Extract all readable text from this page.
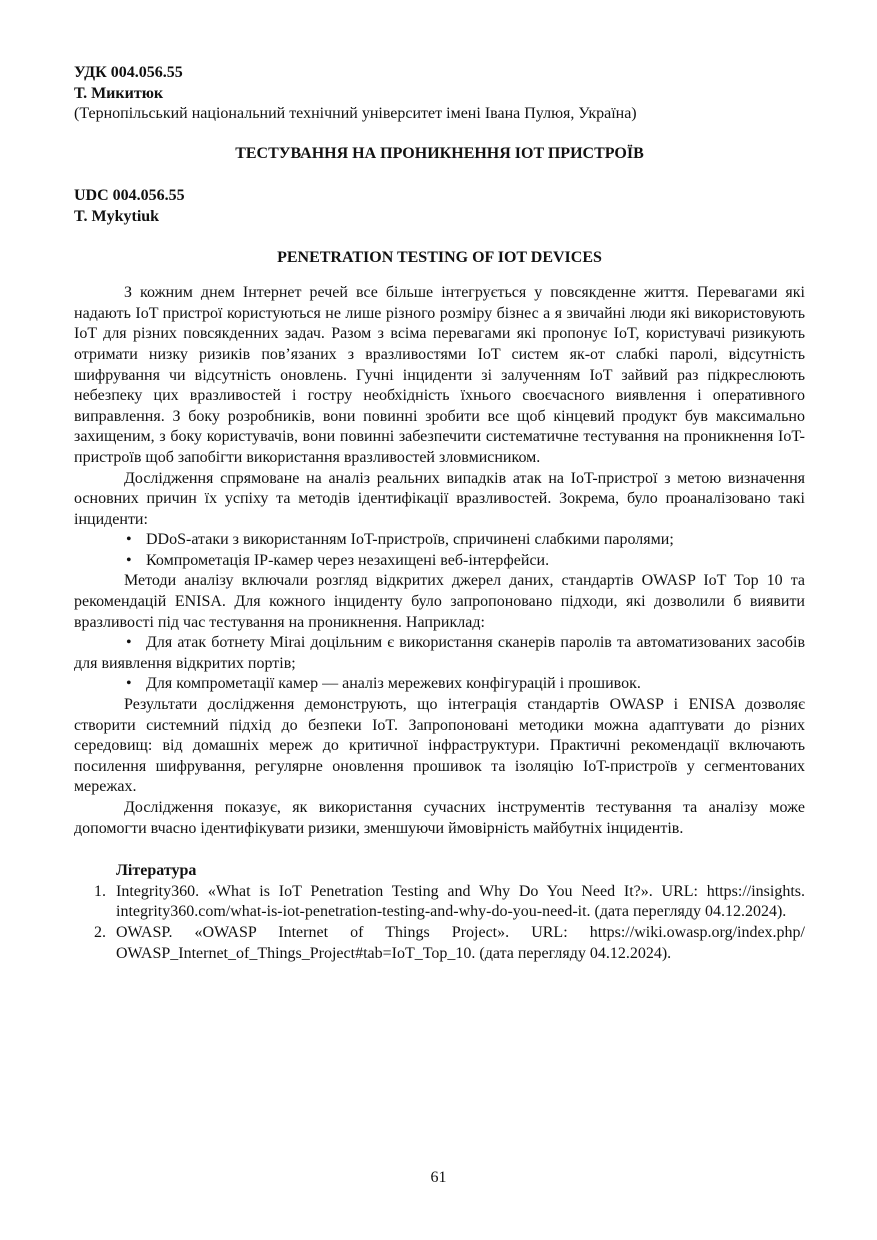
УДК 004.056.55

Т. Микитюк

(Тернопільський національний технічний університет імені Івана Пулюя, Україна)

ТЕСТУВАННЯ НА ПРОНИКНЕННЯ IOT ПРИСТРОЇВ

UDC 004.056.55

T. Mykytiuk

PENETRATION TESTING OF IOT DEVICES

З кожним днем Інтернет речей все більше інтегрується у повсякденне життя. Перевагами які надають IoT пристрої користуються не лише різного розміру бізнес а я звичайні люди які використовують IoT для різних повсякденних задач. Разом з всіма перевагами які пропонує IoT, користувачі ризикують отримати низку ризиків пов’язаних з вразливостями IoT систем як-от слабкі паролі, відсутність шифрування чи відсутність оновлень. Гучні інциденти зі залученням IoT зайвий раз підкреслюють небезпеку цих вразливостей і гостру необхідність їхнього своєчасного виявлення і оперативного виправлення. З боку розробників, вони повинні зробити все щоб кінцевий продукт був максимально захищеним, з боку користувачів, вони повинні забезпечити систематичне тестування на проникнення IoT-пристроїв щоб запобігти використання вразливостей зловмисником.

Дослідження спрямоване на аналіз реальних випадків атак на IoT-пристрої з метою визначення основних причин їх успіху та методів ідентифікації вразливостей. Зокрема, було проаналізовано такі інциденти:

• DDoS-атаки з використанням IoT-пристроїв, спричинені слабкими паролями;
• Компрометація IP-камер через незахищені веб-інтерфейси.

Методи аналізу включали розгляд відкритих джерел даних, стандартів OWASP IoT Top 10 та рекомендацій ENISA. Для кожного інциденту було запропоновано підходи, які дозволили б виявити вразливості під час тестування на проникнення. Наприклад:

• Для атак ботнету Mirai доцільним є використання сканерів паролів та автоматизованих засобів для виявлення відкритих портів;
• Для компрометації камер — аналіз мережевих конфігурацій і прошивок.

Результати дослідження демонструють, що інтеграція стандартів OWASP і ENISA дозволяє створити системний підхід до безпеки IoT. Запропоновані методики можна адаптувати до різних середовищ: від домашніх мереж до критичної інфраструктури. Практичні рекомендації включають посилення шифрування, регулярне оновлення прошивок та ізоляцію IoT-пристроїв у сегментованих мережах.

Дослідження показує, як використання сучасних інструментів тестування та аналізу може допомогти вчасно ідентифікувати ризики, зменшуючи ймовірність майбутніх інцидентів.

Література

1. Integrity360. «What is IoT Penetration Testing and Why Do You Need It?». URL: https://insights. integrity360.com/what-is-iot-penetration-testing-and-why-do-you-need-it. (дата перегляду 04.12.2024).
2. OWASP. «OWASP Internet of Things Project». URL: https://wiki.owasp.org/index.php/ OWASP_Internet_of_Things_Project#tab=IoT_Top_10. (дата перегляду 04.12.2024).
61
